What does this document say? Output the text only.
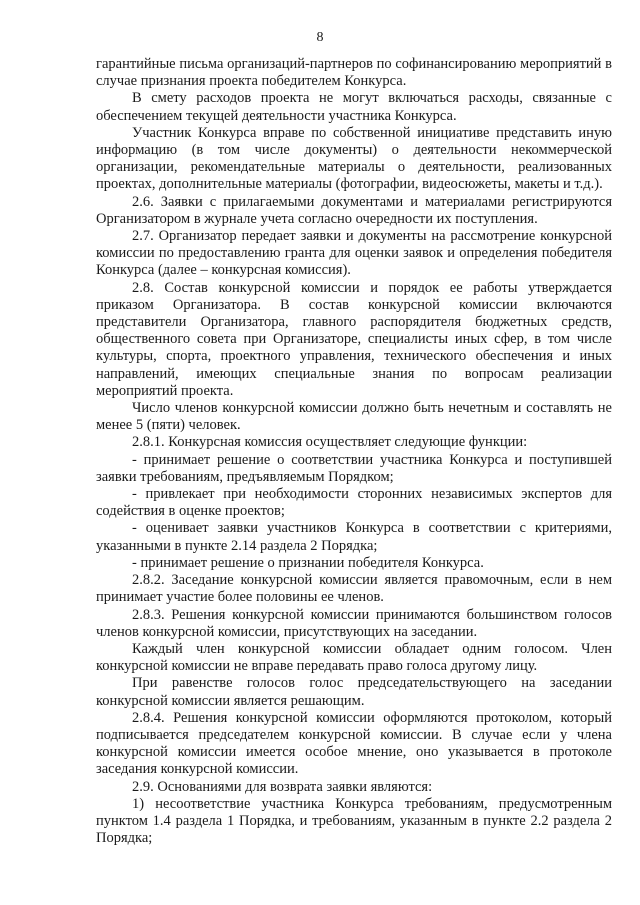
8

гарантийные письма организаций-партнеров по софинансированию мероприятий в случае признания проекта победителем Конкурса.

В смету расходов проекта не могут включаться расходы, связанные с обеспечением текущей деятельности участника Конкурса.

Участник Конкурса вправе по собственной инициативе представить иную информацию (в том числе документы) о деятельности некоммерческой организации, рекомендательные материалы о деятельности, реализованных проектах, дополнительные материалы (фотографии, видеосюжеты, макеты и т.д.).

2.6. Заявки с прилагаемыми документами и материалами регистрируются Организатором в журнале учета согласно очередности их поступления.

2.7. Организатор передает заявки и документы на рассмотрение конкурсной комиссии по предоставлению гранта для оценки заявок и определения победителя Конкурса (далее – конкурсная комиссия).

2.8. Состав конкурсной комиссии и порядок ее работы утверждается приказом Организатора. В состав конкурсной комиссии включаются представители Организатора, главного распорядителя бюджетных средств, общественного совета при Организаторе, специалисты иных сфер, в том числе культуры, спорта, проектного управления, технического обеспечения и иных направлений, имеющих специальные знания по вопросам реализации мероприятий проекта.

Число членов конкурсной комиссии должно быть нечетным и составлять не менее 5 (пяти) человек.

2.8.1. Конкурсная комиссия осуществляет следующие функции:

- принимает решение о соответствии участника Конкурса и поступившей заявки требованиям, предъявляемым Порядком;

- привлекает при необходимости сторонних независимых экспертов для содействия в оценке проектов;

- оценивает заявки участников Конкурса в соответствии с критериями, указанными в пункте 2.14 раздела 2 Порядка;

- принимает решение о признании победителя Конкурса.

2.8.2. Заседание конкурсной комиссии является правомочным, если в нем принимает участие более половины ее членов.

2.8.3. Решения конкурсной комиссии принимаются большинством голосов членов конкурсной комиссии, присутствующих на заседании.

Каждый член конкурсной комиссии обладает одним голосом. Член конкурсной комиссии не вправе передавать право голоса другому лицу.

При равенстве голосов голос председательствующего на заседании конкурсной комиссии является решающим.

2.8.4. Решения конкурсной комиссии оформляются протоколом, который подписывается председателем конкурсной комиссии. В случае если у члена конкурсной комиссии имеется особое мнение, оно указывается в протоколе заседания конкурсной комиссии.

2.9. Основаниями для возврата заявки являются:

1) несоответствие участника Конкурса требованиям, предусмотренным пунктом 1.4 раздела 1 Порядка, и требованиям, указанным в пункте 2.2 раздела 2 Порядка;
